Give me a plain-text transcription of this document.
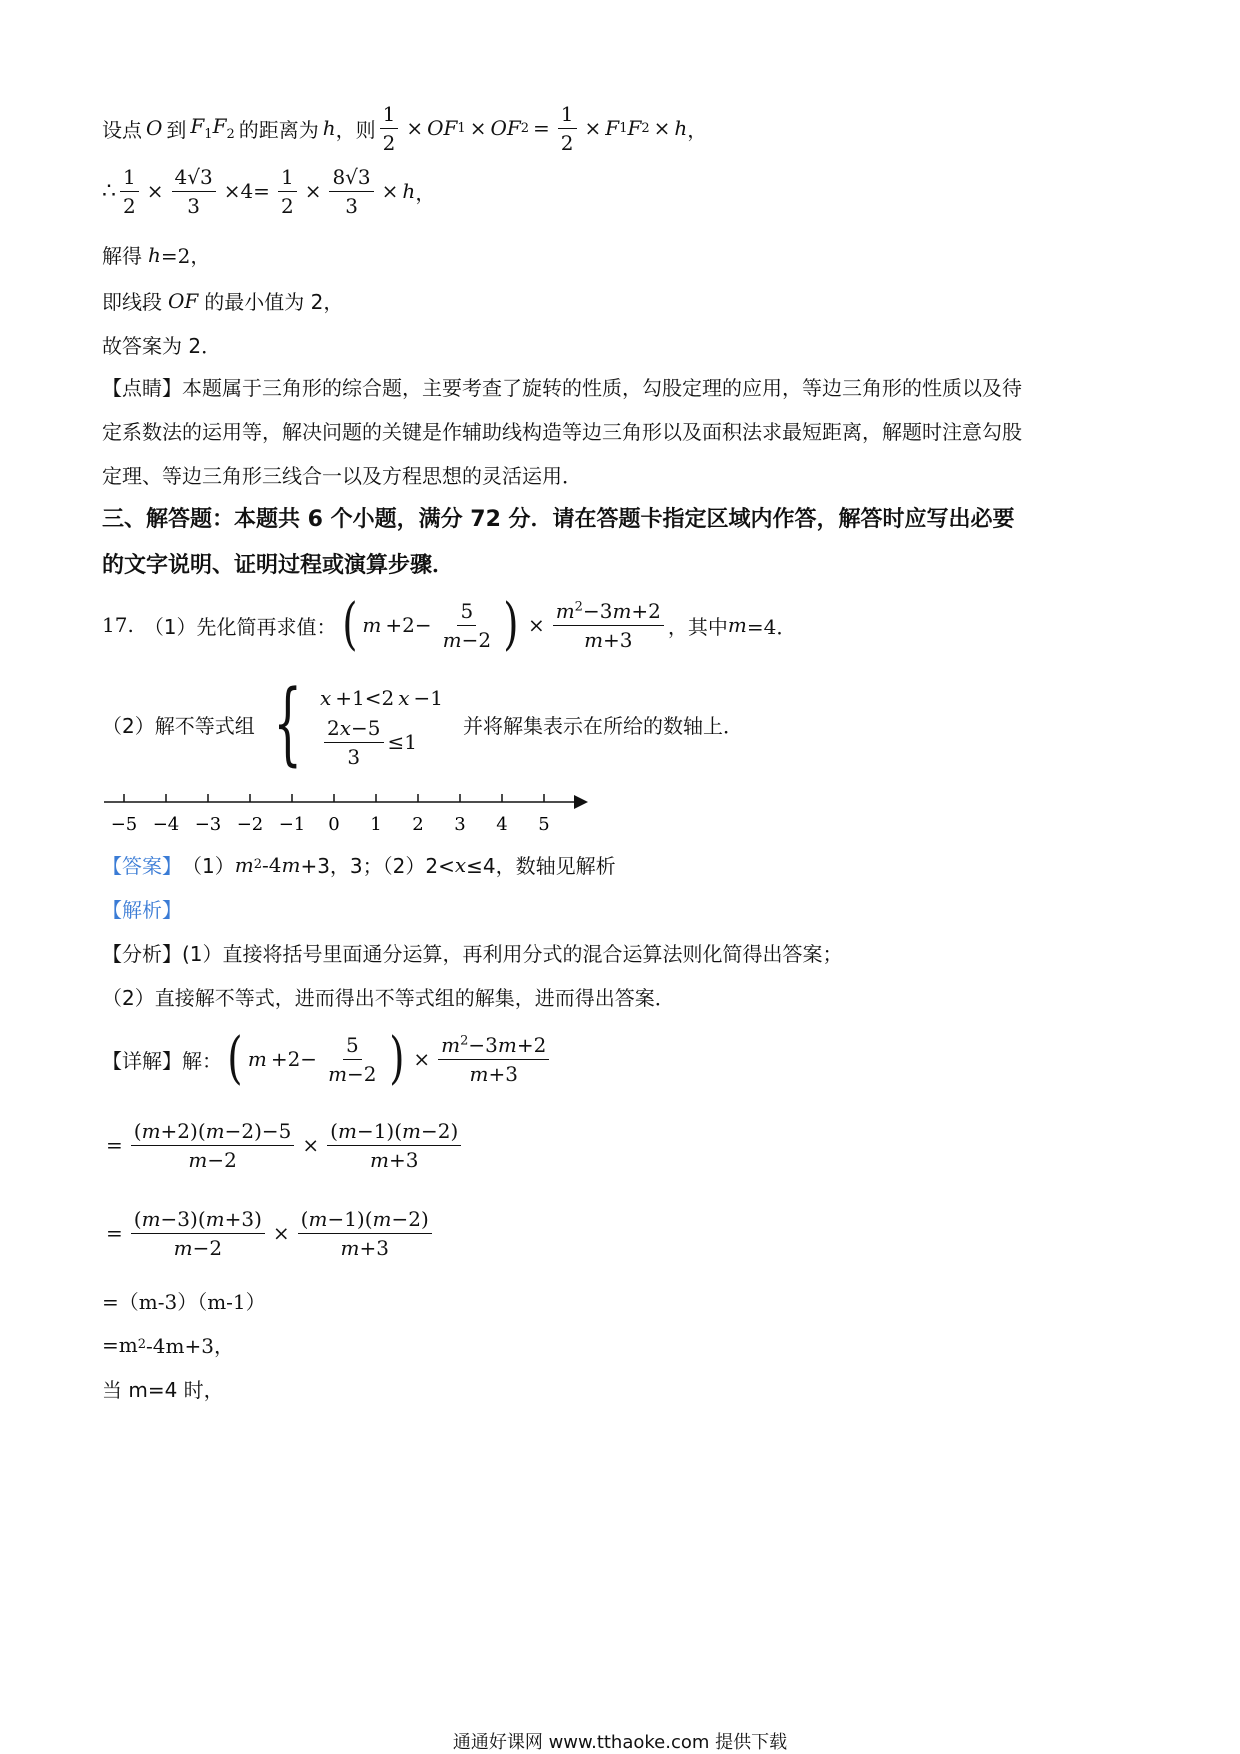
设点 O 到 $F_1F_2$ 的距离为 h ，则 $\frac{1}{2}$ × OF 1 × OF $2 = \frac{1}{2} \times F$ 1 F 2 × h ，
∴ $\frac{1}{2} \times \frac{4√3}{3} \times 4= \frac{1}{2} \times \frac{8√3}{3} \times h$ ，
解得 h =2，
即线段 OF 的最小值为 2，
故答案为 2．
【点睛】本题属于三角形的综合题，主要考查了旋转的性质，勾股定理的应用，等边三角形的性质以及待
定系数法的运用等，解决问题的关键是作辅助线构造等边三角形以及面积法求最短距离，解题时注意勾股
定理、等边三角形三线合一以及方程思想的灵活运用．
三、解答题：本题共 6 个小题，满分 72 分．请在答题卡指定区域内作答，解答时应写出必要
的文字说明、证明过程或演算步骤．
17. （1）先化简再求值： ( $m +2- \frac{5}{m-2}$ ) × $\frac{m^2-3m+2}{m+3}$ ，其中 m =4．
（2）解不等式组 { x +1<2 x −1
$\frac{2x-5}{3} \le 1$
并将解集表示在所给的数轴上．
−5 −4 −3 −2 −1 0 1 2 3 4 5
【答案】 （1） m 2 -4 m +3，3；（2）2< x ≤4，数轴见解析
【解析】
【分析】(1）直接将括号里面通分运算，再利用分式的混合运算法则化简得出答案；
（2）直接解不等式，进而得出不等式组的解集，进而得出答案．
【详解】解： ( $m +2- \frac{5}{m-2}$ ) × $\frac{m^2-3m+2}{m+3}$
= $\frac{(m+2)(m-2)-5}{m-2} \times \frac{(m-1)(m-2)}{m+3}$
= $\frac{(m-3)(m+3)}{m-2} \times \frac{(m-1)(m-2)}{m+3}$
=（m-3）（m-1）
=m 2 -4m+3，
当 m=4 时，
通通好课网 www.tthaoke.com 提供下载
